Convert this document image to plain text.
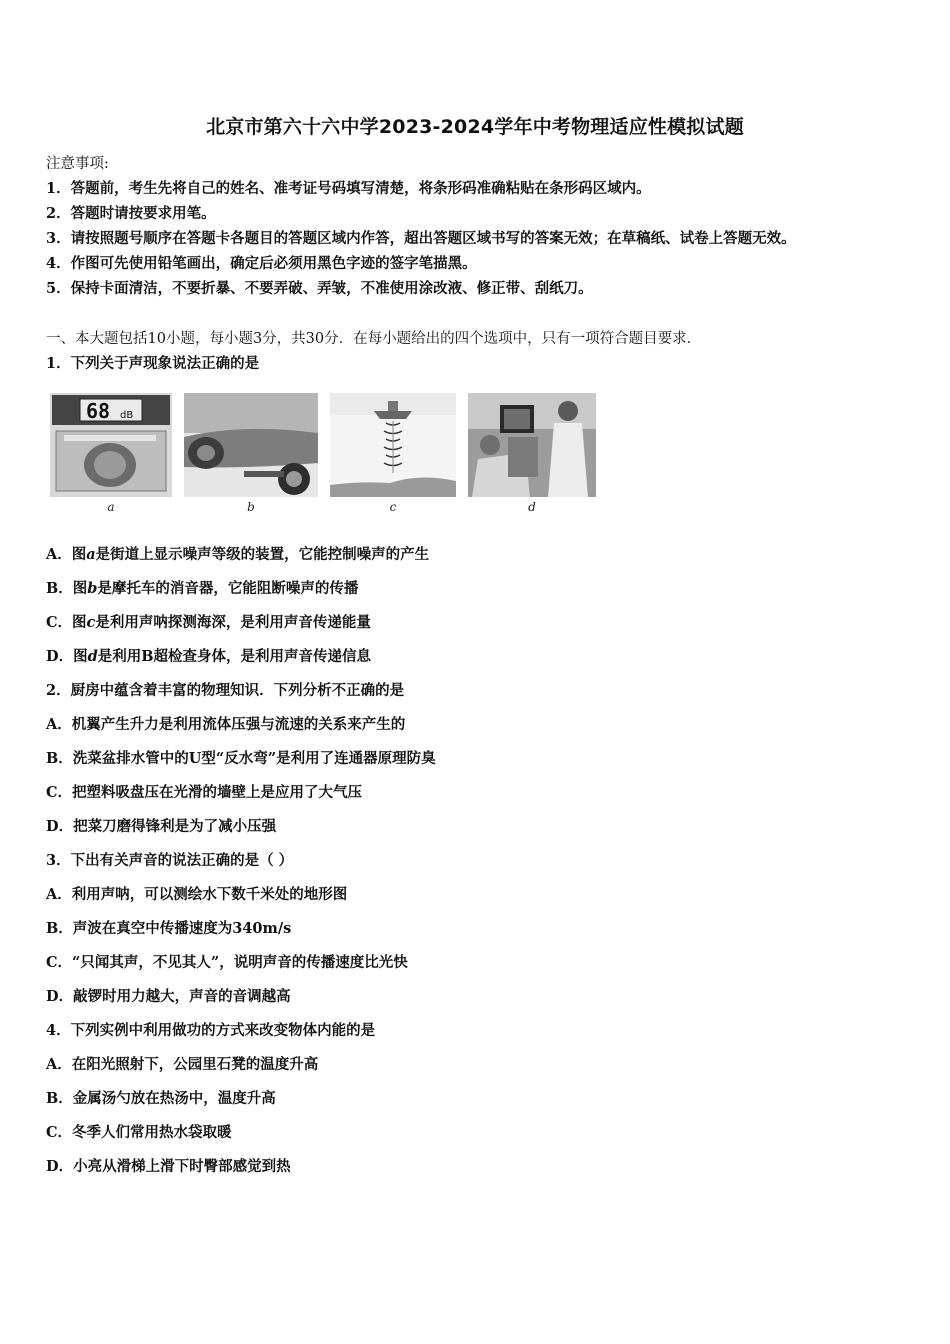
北京市第六十六中学2023-2024学年中考物理适应性模拟试题
注意事项:
1．答题前，考生先将自己的姓名、准考证号码填写清楚，将条形码准确粘贴在条形码区域内。
2．答题时请按要求用笔。
3．请按照题号顺序在答题卡各题目的答题区域内作答，超出答题区域书写的答案无效；在草稿纸、试卷上答题无效。
4．作图可先使用铅笔画出，确定后必须用黑色字迹的签字笔描黑。
5．保持卡面清洁，不要折暴、不要弄破、弄皱，不准使用涂改液、修正带、刮纸刀。
一、本大题包括10小题，每小题3分，共30分．在每小题给出的四个选项中，只有一项符合题目要求．
1．下列关于声现象说法正确的是
68 dB
a	b	c	d
A．图a是街道上显示噪声等级的装置，它能控制噪声的产生
B．图b是摩托车的消音器，它能阻断噪声的传播
C．图c是利用声呐探测海深，是利用声音传递能量
D．图d是利用B超检查身体，是利用声音传递信息
2．厨房中蕴含着丰富的物理知识．下列分析不正确的是
A．机翼产生升力是利用流体压强与流速的关系来产生的
B．洗菜盆排水管中的U型“反水弯”是利用了连通器原理防臭
C．把塑料吸盘压在光滑的墙壁上是应用了大气压
D．把菜刀磨得锋利是为了减小压强
3．下出有关声音的说法正确的是（ ）
A．利用声呐，可以测绘水下数千米处的地形图
B．声波在真空中传播速度为340m/s
C．“只闻其声，不见其人”，说明声音的传播速度比光快
D．敲锣时用力越大，声音的音调越高
4．下列实例中利用做功的方式来改变物体内能的是
A．在阳光照射下，公园里石凳的温度升高
B．金属汤勺放在热汤中，温度升高
C．冬季人们常用热水袋取暖
D．小亮从滑梯上滑下时臀部感觉到热
